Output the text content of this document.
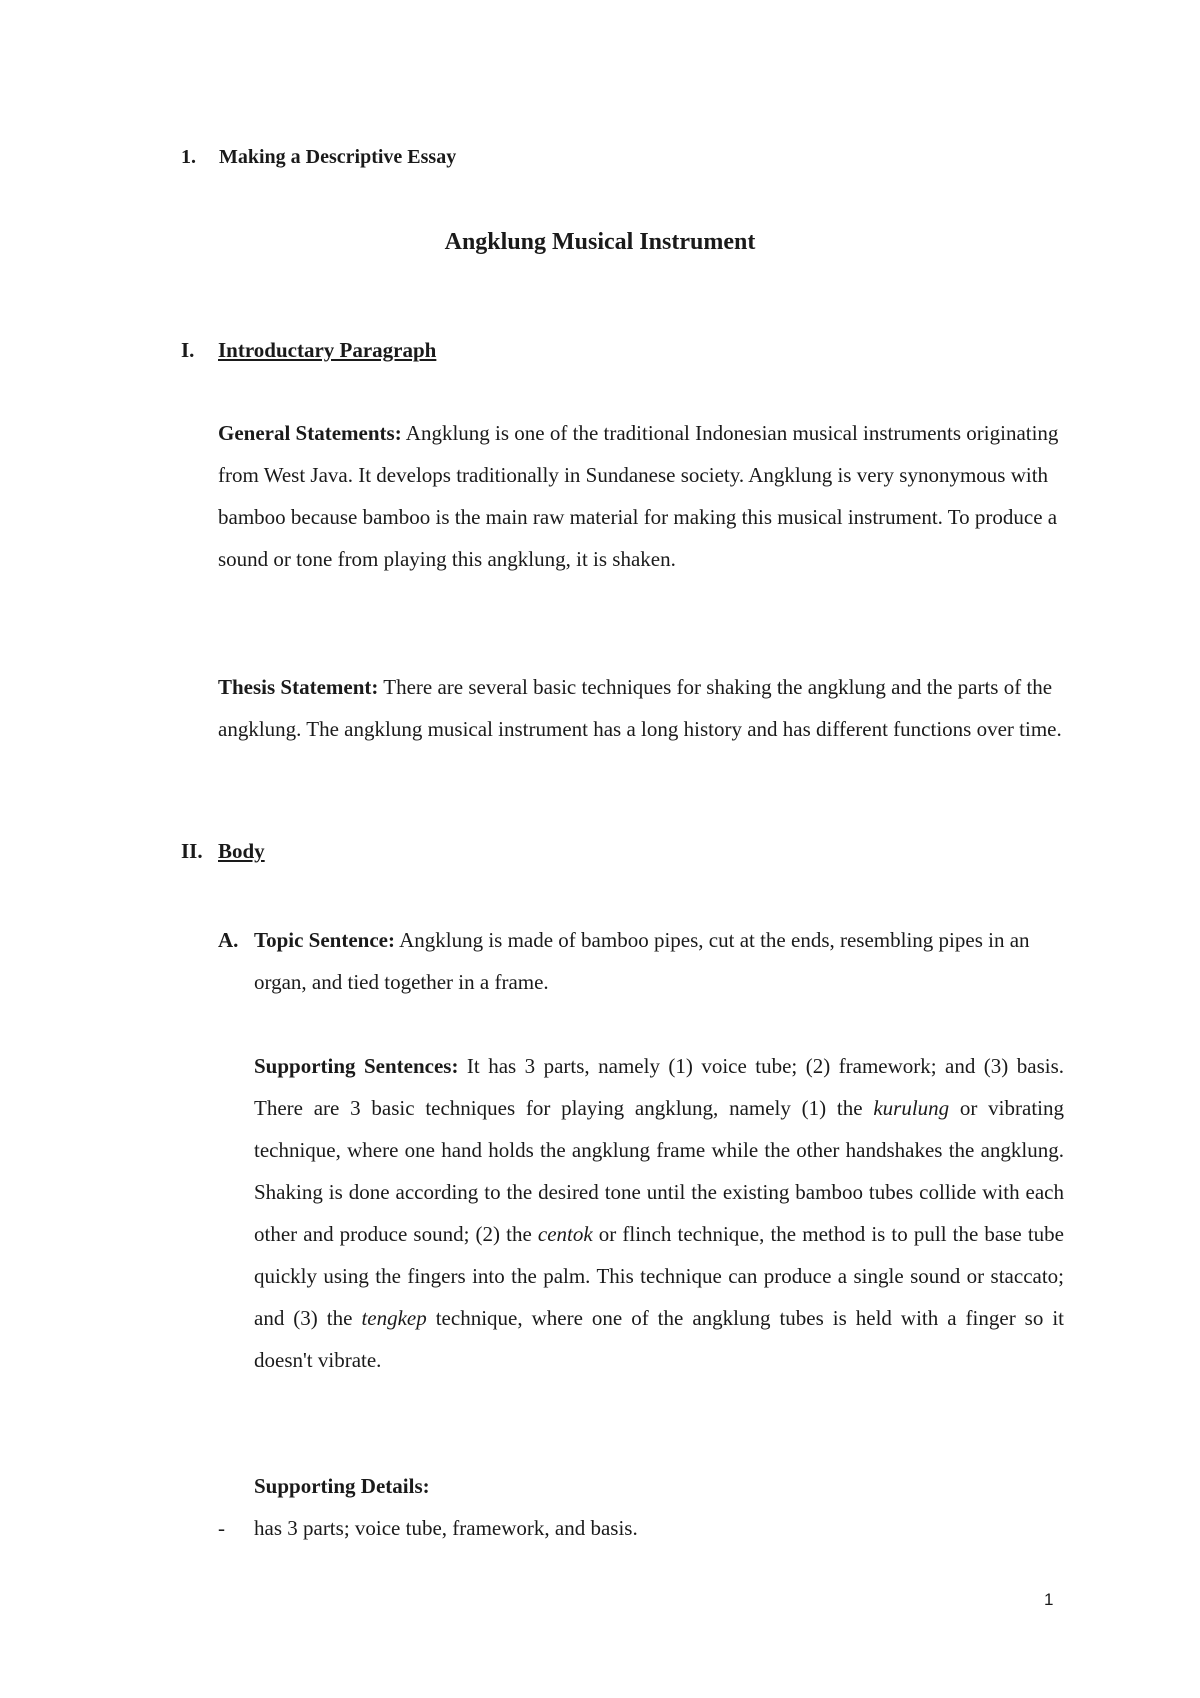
1. Making a Descriptive Essay
Angklung Musical Instrument
I. Introductary Paragraph
General Statements: Angklung is one of the traditional Indonesian musical instruments originating from West Java. It develops traditionally in Sundanese society. Angklung is very synonymous with bamboo because bamboo is the main raw material for making this musical instrument. To produce a sound or tone from playing this angklung, it is shaken.
Thesis Statement: There are several basic techniques for shaking the angklung and the parts of the angklung. The angklung musical instrument has a long history and has different functions over time.
II. Body
A. Topic Sentence: Angklung is made of bamboo pipes, cut at the ends, resembling pipes in an organ, and tied together in a frame.
Supporting Sentences: It has 3 parts, namely (1) voice tube; (2) framework; and (3) basis. There are 3 basic techniques for playing angklung, namely (1) the kurulung or vibrating technique, where one hand holds the angklung frame while the other handshakes the angklung. Shaking is done according to the desired tone until the existing bamboo tubes collide with each other and produce sound; (2) the centok or flinch technique, the method is to pull the base tube quickly using the fingers into the palm. This technique can produce a single sound or staccato; and (3) the tengkep technique, where one of the angklung tubes is held with a finger so it doesn't vibrate.
Supporting Details:
-	has 3 parts; voice tube, framework, and basis.
1
